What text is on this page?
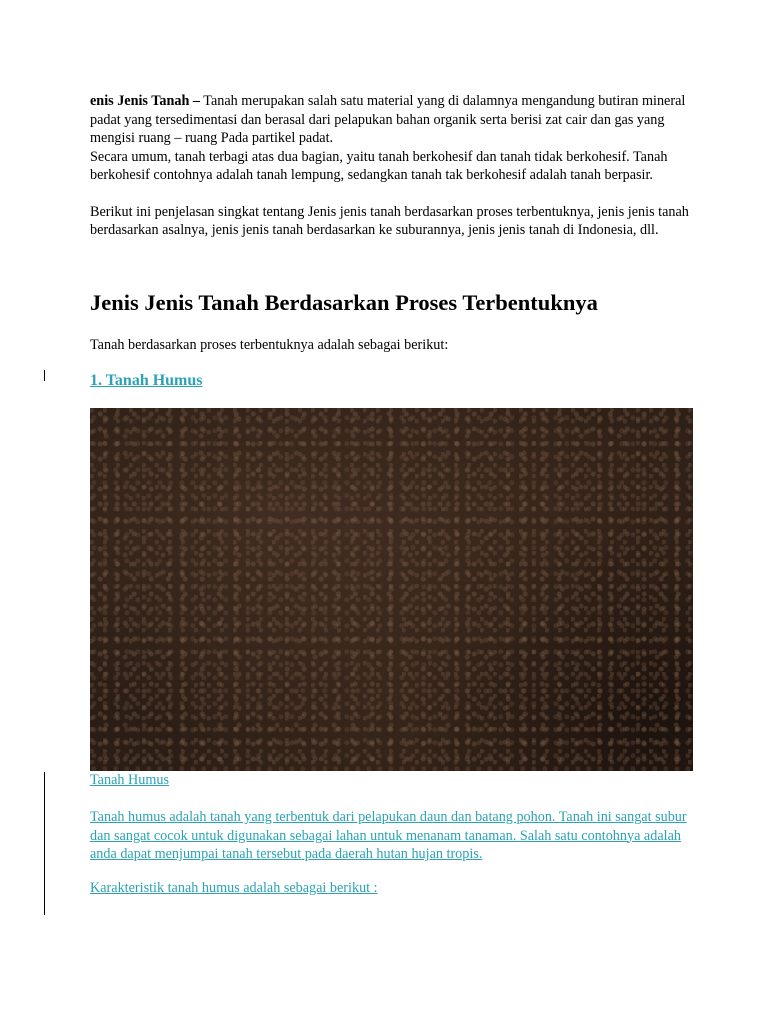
enis Jenis Tanah – Tanah merupakan salah satu material yang di dalamnya mengandung butiran mineral padat yang tersedimentasi dan berasal dari pelapukan bahan organik serta berisi zat cair dan gas yang mengisi ruang – ruang Pada partikel padat.

Secara umum, tanah terbagi atas dua bagian, yaitu tanah berkohesif dan tanah tidak berkohesif. Tanah berkohesif contohnya adalah tanah lempung, sedangkan tanah tak berkohesif adalah tanah berpasir.

Berikut ini penjelasan singkat tentang Jenis jenis tanah berdasarkan proses terbentuknya, jenis jenis tanah berdasarkan asalnya, jenis jenis tanah berdasarkan ke suburannya, jenis jenis tanah di Indonesia, dll.

Jenis Jenis Tanah Berdasarkan Proses Terbentuknya

Tanah berdasarkan proses terbentuknya adalah sebagai berikut:

1. Tanah Humus
Tanah Humus

Tanah humus adalah tanah yang terbentuk dari pelapukan daun dan batang pohon. Tanah ini sangat subur dan sangat cocok untuk digunakan sebagai lahan untuk menanam tanaman. Salah satu contohnya adalah anda dapat menjumpai tanah tersebut pada daerah hutan hujan tropis.

Karakteristik tanah humus adalah sebagai berikut :
